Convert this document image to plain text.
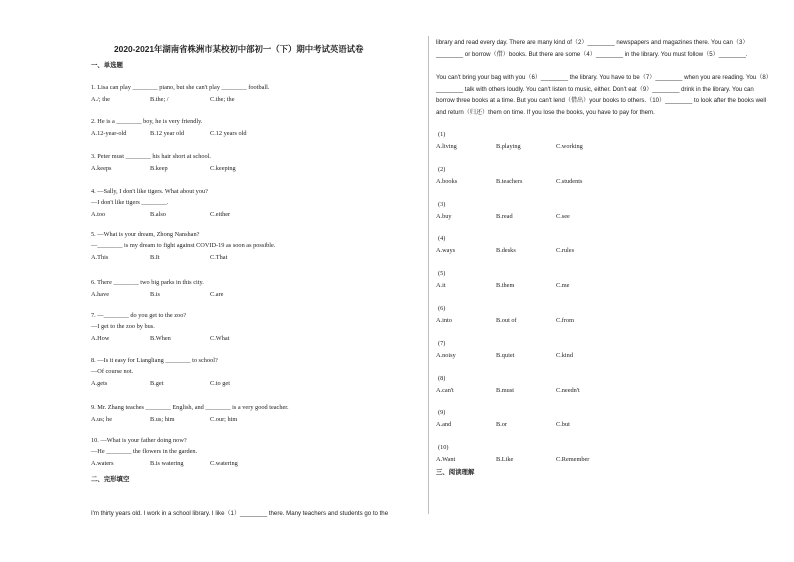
2020-2021年湖南省株洲市某校初中部初一（下）期中考试英语试卷
一、单选题
1. Lisa can play ________ piano, but she can't play ________ football.
A./; the	B.the; /	C.the; the
2. He is a ________ boy, he is very friendly.
A.12-year-old	B.12 year old	C.12 years old
3. Peter must ________ his hair short at school.
A.keeps	B.keep	C.keeping
4. —Sally, I don't like tigers. What about you?
—I don't like tigers ________.
A.too	B.also	C.either
5. —What is your dream, Zhong Nanshan?
—________ is my dream to fight against COVID-19 as soon as possible.
A.This	B.It	C.That
6. There ________ two big parks in this city.
A.have	B.is	C.are
7. —________ do you get to the zoo?
—I get to the zoo by bus.
A.How	B.When	C.What
8. —Is it easy for Liangliang ________ to school?
—Of course not.
A.gets	B.get	C.to get
9. Mr. Zhang teaches ________ English, and ________ is a very good teacher.
A.us; he	B.us; him	C.our; him
10. —What is your father doing now?
—He ________ the flowers in the garden.
A.waters	B.is watering	C.watering
二、完形填空
I'm thirty years old. I work in a school library. I like（1）________ there. Many teachers and students go to the
library and read every day. There are many kind of（2）________ newspapers and magazines there. You can（3）________ or borrow（借）books. But there are some（4）________ in the library. You must follow（5）________.
You can't bring your bag with you（6）________ the library. You have to be（7）________ when you are reading. You（8）________ talk with others loudly. You can't listen to music, either. Don't eat（9）________ drink in the library. You can borrow three books at a time. But you can't lend（借出）your books to others.（10）________ to look after the books well and return（归还）them on time. If you lose the books, you have to pay for them.
(1)
A.living	B.playing	C.working
(2)
A.books	B.teachers	C.students
(3)
A.buy	B.read	C.see
(4)
A.ways	B.desks	C.rules
(5)
A.it	B.them	C.me
(6)
A.into	B.out of	C.from
(7)
A.noisy	B.quiet	C.kind
(8)
A.can't	B.must	C.needn't
(9)
A.and	B.or	C.but
(10)
A.Want	B.Like	C.Remember
三、阅读理解
